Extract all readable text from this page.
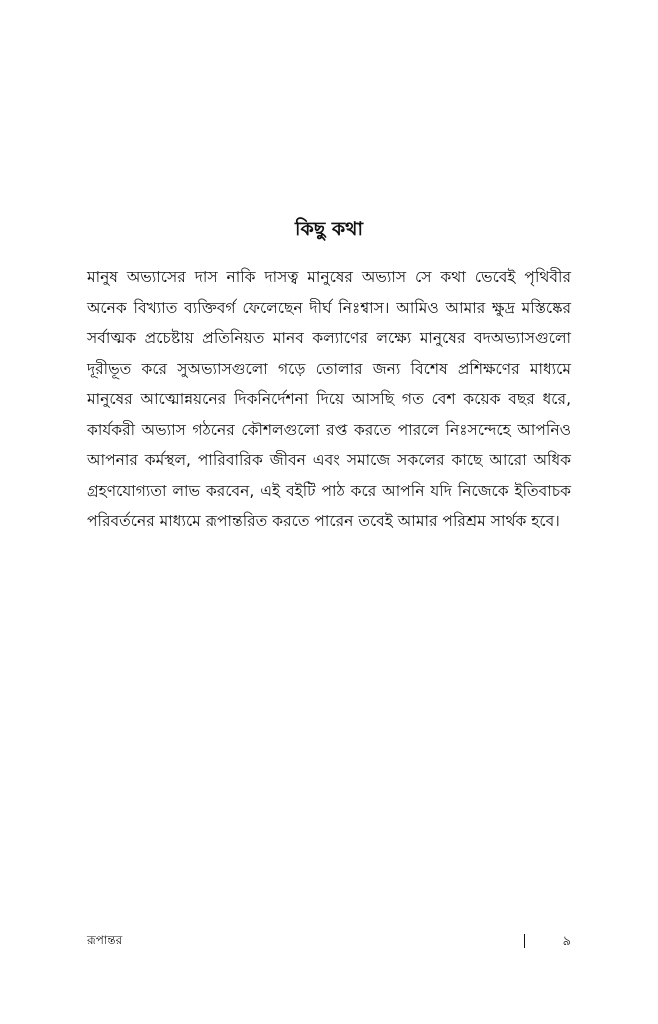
কিছু কথা

মানুষ অভ্যাসের দাস নাকি দাসত্ব মানুষের অভ্যাস সে কথা ভেবেই পৃথিবীর অনেক বিখ্যাত ব্যক্তিবর্গ ফেলেছেন দীর্ঘ নিঃশ্বাস। আমিও আমার ক্ষুদ্র মস্তিষ্কের সর্বাত্মক প্রচেষ্টায় প্রতিনিয়ত মানব কল্যাণের লক্ষ্যে মানুষের বদঅভ্যাসগুলো দূরীভূত করে সুঅভ্যাসগুলো গড়ে তোলার জন্য বিশেষ প্রশিক্ষণের মাধ্যমে মানুষের আত্মোন্নয়নের দিকনির্দেশনা দিয়ে আসছি গত বেশ কয়েক বছর ধরে, কার্যকরী অভ্যাস গঠনের কৌশলগুলো রপ্ত করতে পারলে নিঃসন্দেহে আপনিও আপনার কর্মস্থল, পারিবারিক জীবন এবং সমাজে সকলের কাছে আরো অধিক গ্রহণযোগ্যতা লাভ করবেন, এই বইটি পাঠ করে আপনি যদি নিজেকে ইতিবাচক পরিবর্তনের মাধ্যমে রূপান্তরিত করতে পারেন তবেই আমার পরিশ্রম সার্থক হবে।

রূপান্তর	৯
